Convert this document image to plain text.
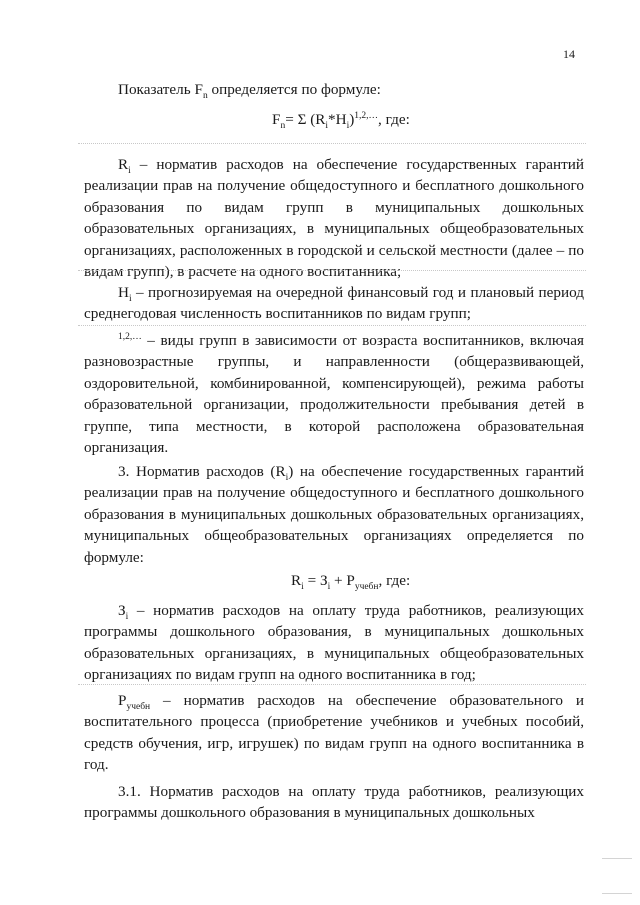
14
Показатель $F_n$ определяется по формуле:
$F_n= \Sigma$ $(R_i*H_i)^{1,2,\dots}$, где:
$R_i$ – норматив расходов на обеспечение государственных гарантий реализации прав на получение общедоступного и бесплатного дошкольного образования по видам групп в муниципальных дошкольных образовательных организациях, в муниципальных общеобразовательных организациях, расположенных в городской и сельской местности (далее – по видам групп), в расчете на одного воспитанника;
$H_i$ – прогнозируемая на очередной финансовый год и плановый период среднегодовая численность воспитанников по видам групп;
$^{1,2,\dots}$ – виды групп в зависимости от возраста воспитанников, включая разновозрастные группы, и направленности (общеразвивающей, оздоровительной, комбинированной, компенсирующей), режима работы образовательной организации, продолжительности пребывания детей в группе, типа местности, в которой расположена образовательная организация.
3. Норматив расходов $(R_i)$ на обеспечение государственных гарантий реализации прав на получение общедоступного и бесплатного дошкольного образования в муниципальных дошкольных образовательных организациях, муниципальных общеобразовательных организациях определяется по формуле:
$R_i = З_i + Р_{учебн}$, где:
$З_i$ – норматив расходов на оплату труда работников, реализующих программы дошкольного образования, в муниципальных дошкольных образовательных организациях, в муниципальных общеобразовательных организациях по видам групп на одного воспитанника в год;
$Р_{учебн}$ – норматив расходов на обеспечение образовательного и воспитательного процесса (приобретение учебников и учебных пособий, средств обучения, игр, игрушек) по видам групп на одного воспитанника в год.
3.1. Норматив расходов на оплату труда работников, реализующих программы дошкольного образования в муниципальных дошкольных
